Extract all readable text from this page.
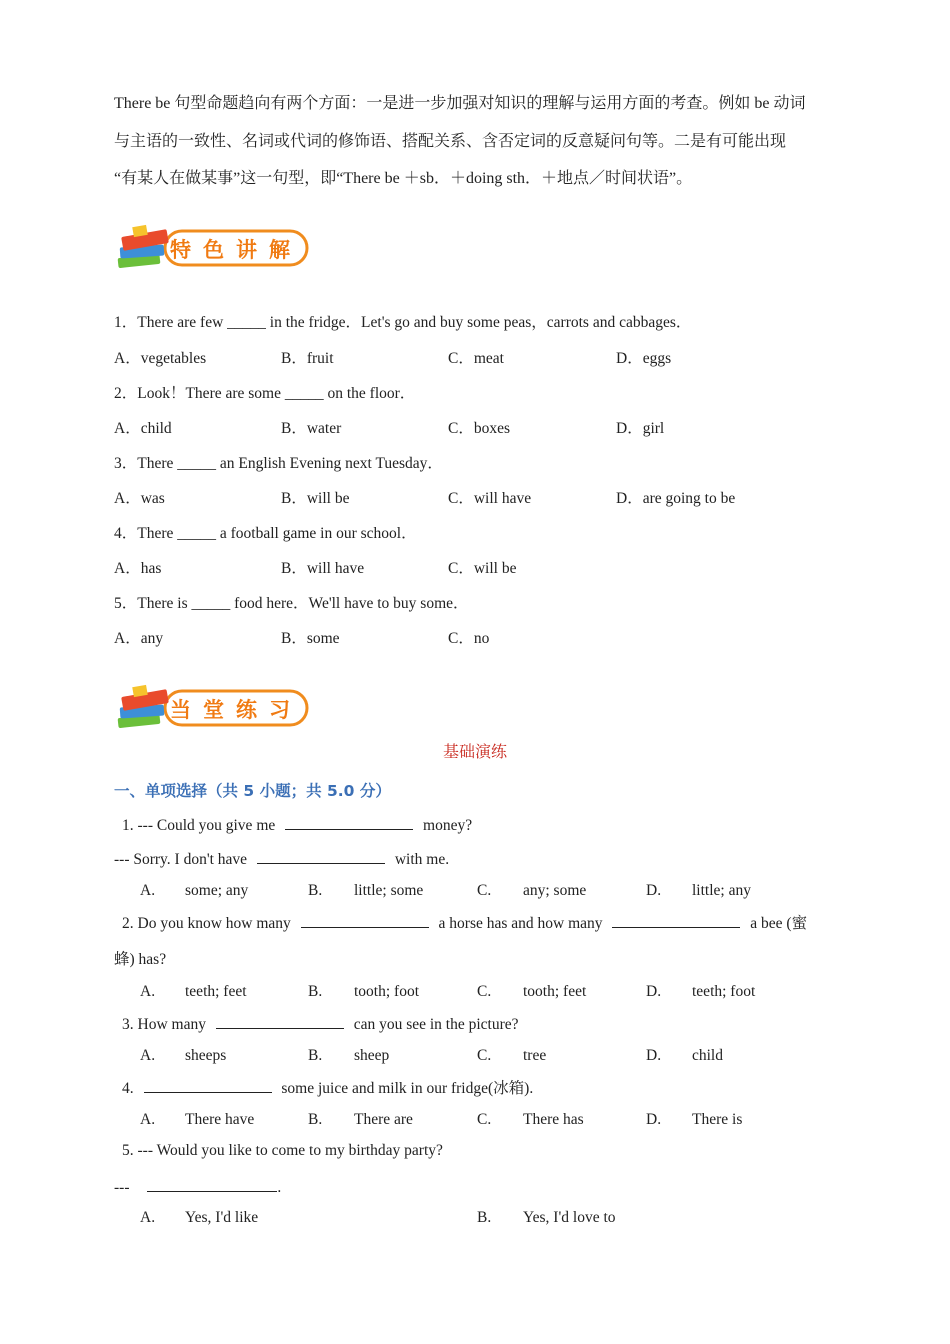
There be 句型命题趋向有两个方面：一是进一步加强对知识的理解与运用方面的考查。例如 be 动词
与主语的一致性、名词或代词的修饰语、搭配关系、含否定词的反意疑问句等。二是有可能出现
“有某人在做某事”这一句型，即“There be ＋sb．＋doing sth．＋地点／时间状语”。
特色讲解
1．There are few _____ in the fridge．Let's go and buy some peas，carrots and cabbages．
A．vegetables	B．fruit	C．meat	D．eggs
2．Look！There are some _____ on the floor．
A．child	B．water	C．boxes	D．girl
3．There _____ an English Evening next Tuesday．
A．was	B．will be	C．will have	D．are going to be
4．There _____ a football game in our school．
A．has	B．will have	C．will be
5．There is _____ food here．We'll have to buy some．
A．any	B．some	C．no
当堂练习
基础演练
一、单项选择（共 5 小题；共 5.0 分）
1. --- Could you give me	money?
--- Sorry. I don't have	with me.
A. some; any	B. little; some	C. any; some	D. little; any
2. Do you know how many	a horse has and how many	a bee (蜜
蜂) has?
A. teeth; feet	B. tooth; foot	C. tooth; feet	D. teeth; foot
3. How many	can you see in the picture?
A. sheeps	B. sheep	C. tree	D. child
4.	some juice and milk in our fridge(冰箱).
A. There have	B. There are	C. There has	D. There is
5. --- Would you like to come to my birthday party?
---	.
A. Yes, I'd like	B. Yes, I'd love to
